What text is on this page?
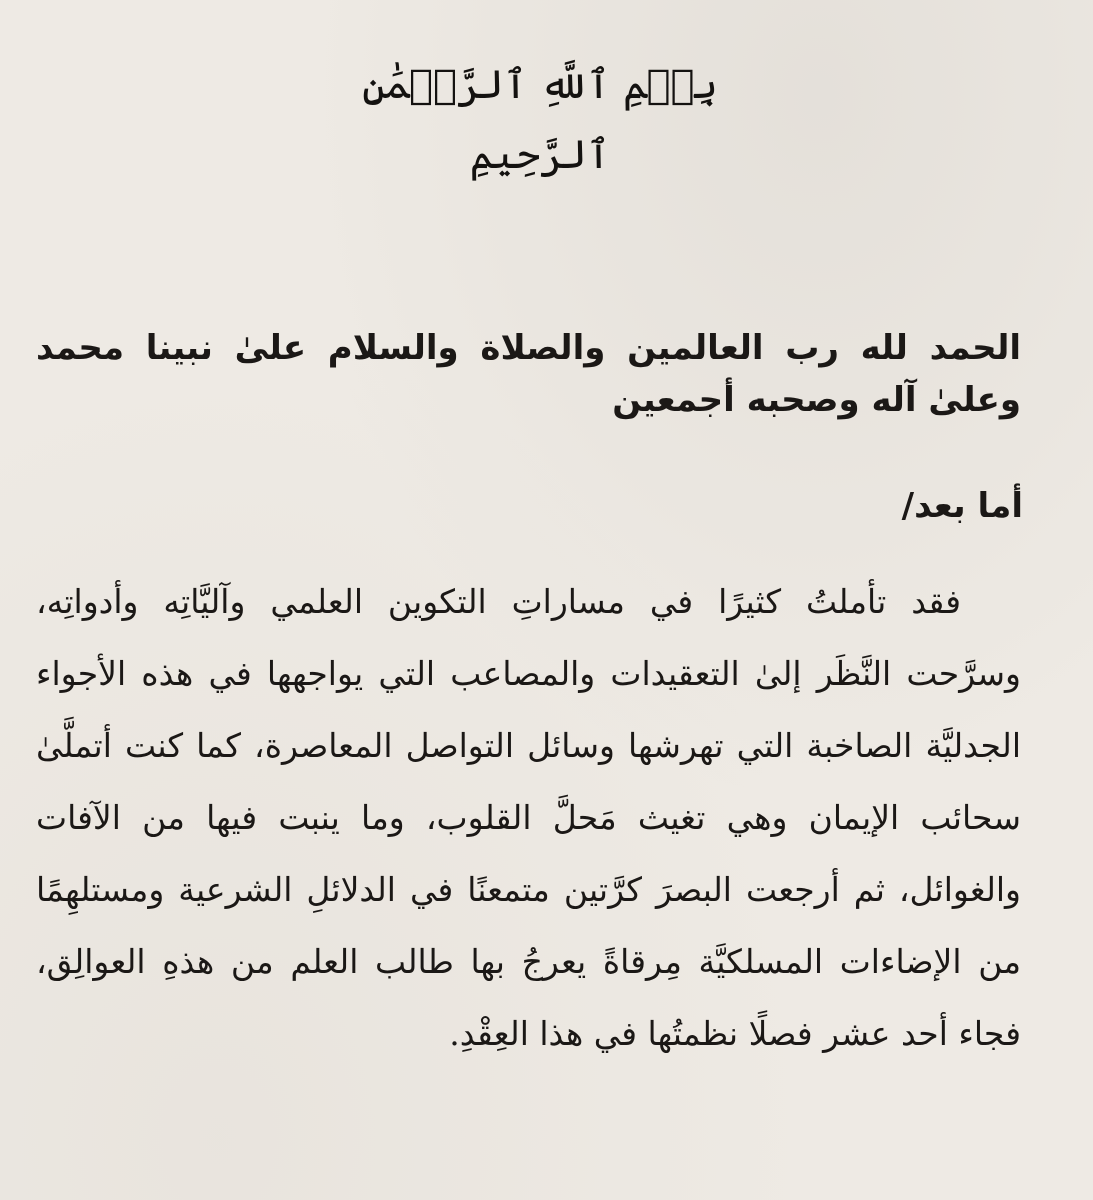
بِسۡمِ ٱللَّهِ ٱلرَّحۡمَٰنِ ٱلرَّحِيمِ
الحمد لله رب العالمين والصلاة والسلام علىٰ نبينا محمد وعلىٰ آله وصحبه أجمعين
أما بعد/
فقد تأملتُ كثيرًا في مساراتِ التكوين العلمي وآليَّاتِه وأدواتِه، وسرَّحت النَّظَر إلىٰ التعقيدات والمصاعب التي يواجهها في هذه الأجواء الجدليَّة الصاخبة التي تهرشها وسائل التواصل المعاصرة، كما كنت أتملَّىٰ سحائب الإيمان وهي تغيث مَحلَّ القلوب، وما ينبت فيها من الآفات والغوائل، ثم أرجعت البصرَ كرَّتين متمعنًا في الدلائلِ الشرعية ومستلهِمًا من الإضاءات المسلكيَّة مِرقاةً يعرجُ بها طالب العلم من هذهِ العوالِق، فجاء أحد عشر فصلًا نظمتُها في هذا العِقْدِ.
